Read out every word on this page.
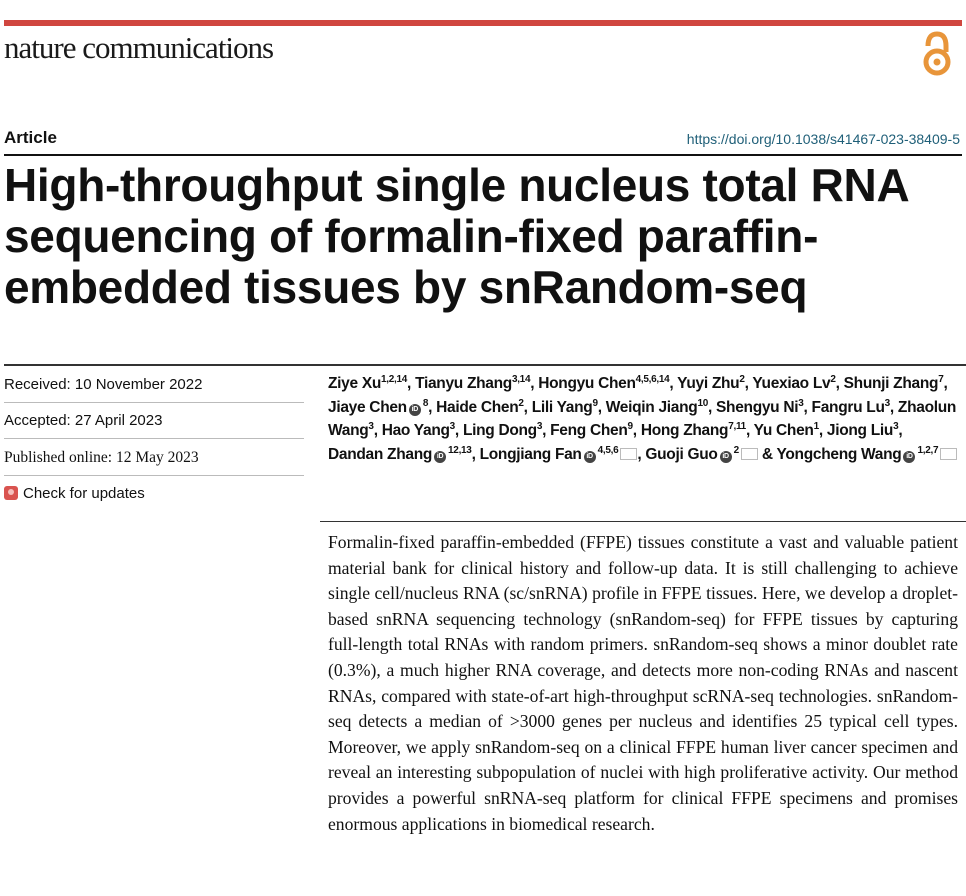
nature communications
Article	https://doi.org/10.1038/s41467-023-38409-5
High-throughput single nucleus total RNA sequencing of formalin-fixed paraffin-embedded tissues by snRandom-seq
Received: 10 November 2022
Accepted: 27 April 2023
Published online: 12 May 2023
Check for updates
Ziye Xu$^{1,2,14}$, Tianyu Zhang$^{3,14}$, Hongyu Chen$^{4,5,6,14}$, Yuyi Zhu$^2$, Yuexiao Lv$^2$, Shunji Zhang$^7$, Jiaye Chen $iD^8$, Haide Chen$^2$, Lili Yang$^9$, Weiqin Jiang$^{10}$, Shengyu Ni$^3$, Fangru Lu$^3$, Zhaolun Wang$^3$, Hao Yang$^3$, Ling Dong$^3$, Feng Chen$^9$, Hong Zhang$^{7,11}$, Yu Chen$^1$, Jiong Liu$^3$, Dandan Zhang iD$^{12,13}$, Longjiang Fan iD$^{4,5,6}$ , Guoji Guo $iD^2$ & Yongcheng Wang iD$^{1,2,7}$
Formalin-fixed paraffin-embedded (FFPE) tissues constitute a vast and valuable patient material bank for clinical history and follow-up data. It is still challenging to achieve single cell/nucleus RNA (sc/snRNA) profile in FFPE tissues. Here, we develop a droplet-based snRNA sequencing technology (snRandom-seq) for FFPE tissues by capturing full-length total RNAs with random primers. snRandom-seq shows a minor doublet rate (0.3%), a much higher RNA coverage, and detects more non-coding RNAs and nascent RNAs, compared with state-of-art high-throughput scRNA-seq technologies. snRandom-seq detects a median of >3000 genes per nucleus and identifies 25 typical cell types. Moreover, we apply snRandom-seq on a clinical FFPE human liver cancer specimen and reveal an interesting subpopulation of nuclei with high proliferative activity. Our method provides a powerful snRNA-seq platform for clinical FFPE specimens and promises enormous applications in biomedical research.
